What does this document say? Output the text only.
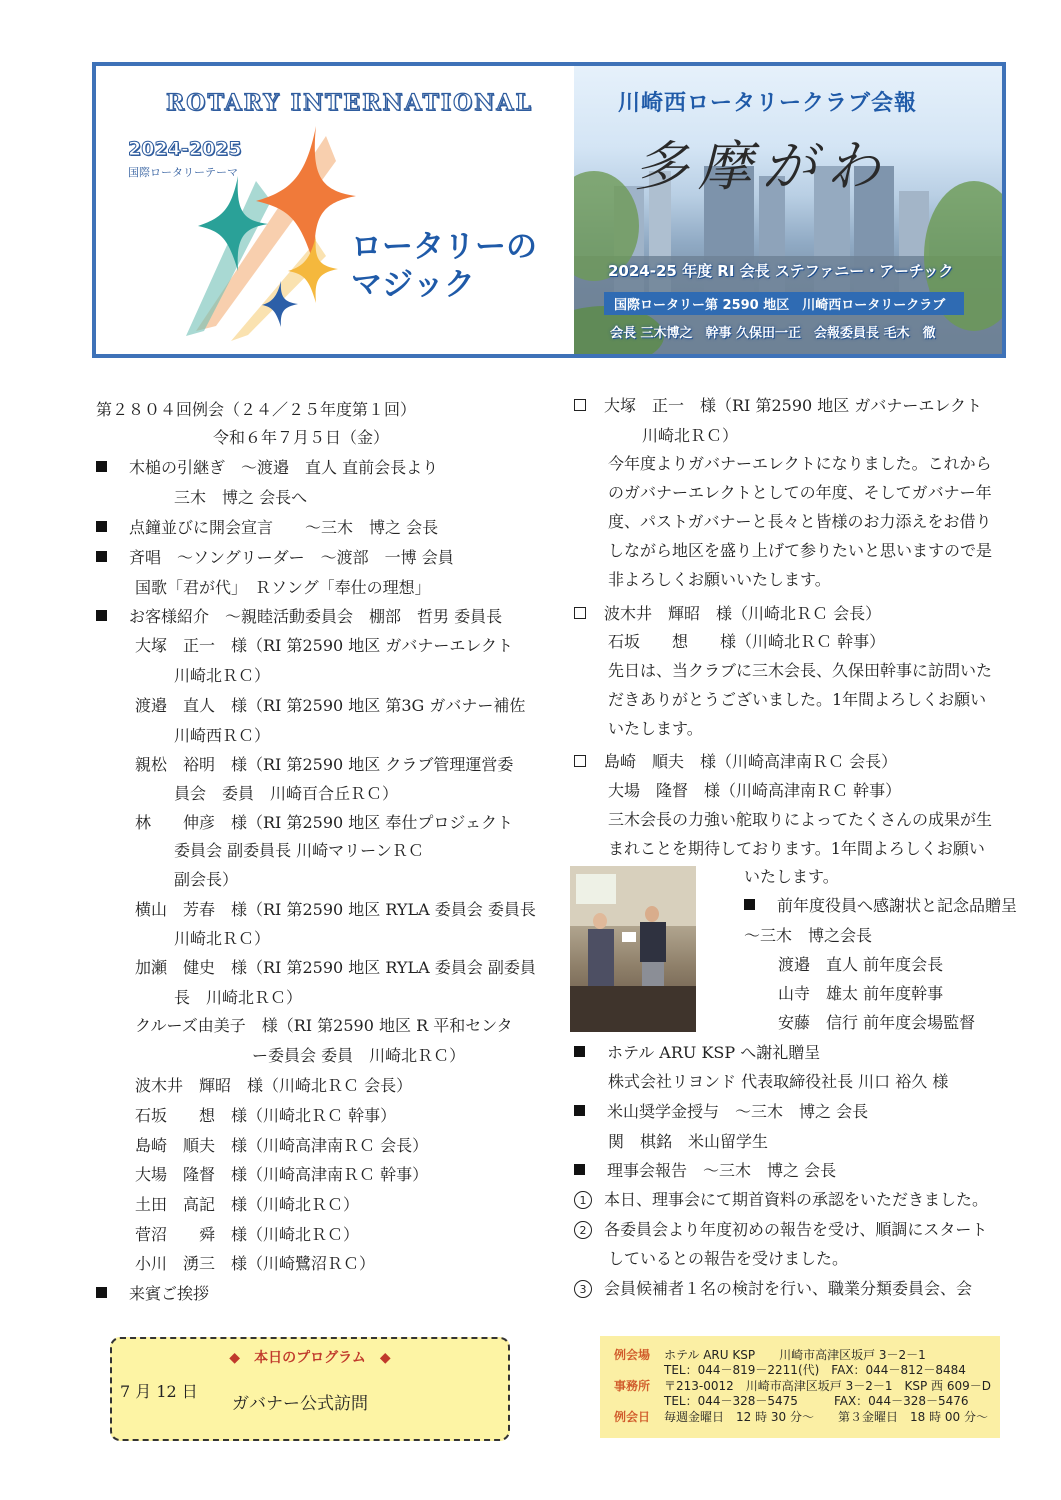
ROTARY INTERNATIONAL
2024-2025
国際ロータリーテーマ
ロータリーの
マジック
川崎西ロータリークラブ会報
多摩がわ
2024-25 年度 RI 会長 ステファニー・アーチック
国際ロータリー第 2590 地区　川崎西ロータリークラブ
会長 三木博之　幹事 久保田一正　会報委員長 毛木　徹
第２８０４回例会（２４／２５年度第１回）
令和６年７月５日（金）
木槌の引継ぎ　～渡邉　直人 直前会長より
三木　博之 会長へ
点鐘並びに開会宣言　　～三木　博之 会長
斉唱　～ソングリーダー　～渡部　一博 会員
国歌「君が代」　Ｒソング「奉仕の理想」
お客様紹介　～親睦活動委員会　棚部　哲男 委員長
大塚　正一　様（RI 第2590 地区 ガバナーエレクト
川崎北ＲＣ）
渡邉　直人　様（RI 第2590 地区 第3G ガバナー補佐
川崎西ＲＣ）
親松　裕明　様（RI 第2590 地区 クラブ管理運営委
員会　委員　川崎百合丘ＲＣ）
林　　伸彦　様（RI 第2590 地区 奉仕プロジェクト
委員会 副委員長 川崎マリーンＲＣ
副会長）
横山　芳春　様（RI 第2590 地区 RYLA 委員会 委員長
川崎北ＲＣ）
加瀬　健史　様（RI 第2590 地区 RYLA 委員会 副委員
長　川崎北ＲＣ）
クルーズ由美子　様（RI 第2590 地区 R 平和センタ
ー委員会 委員　川崎北ＲＣ）
波木井　輝昭　様（川崎北ＲＣ 会長）
石坂　　想　様（川崎北ＲＣ 幹事）
島崎　順夫　様（川崎高津南ＲＣ 会長）
大場　隆督　様（川崎高津南ＲＣ 幹事）
土田　高記　様（川崎北ＲＣ）
菅沼　　舜　様（川崎北ＲＣ）
小川　湧三　様（川崎鷺沼ＲＣ）
来賓ご挨拶
大塚　正一　様（RI 第2590 地区 ガバナーエレクト
川崎北ＲＣ）
今年度よりガバナーエレクトになりました。これから
のガバナーエレクトとしての年度、そしてガバナー年
度、パストガバナーと長々と皆様のお力添えをお借り
しながら地区を盛り上げて参りたいと思いますので是
非よろしくお願いいたします。
波木井　輝昭　様（川崎北ＲＣ 会長）
石坂　　想　　様（川崎北ＲＣ 幹事）
先日は、当クラブに三木会長、久保田幹事に訪問いた
だきありがとうございました。1年間よろしくお願い
いたします。
島崎　順夫　様（川崎高津南ＲＣ 会長）
大場　隆督　様（川崎高津南ＲＣ 幹事）
三木会長の力強い舵取りによってたくさんの成果が生
まれことを期待しております。1年間よろしくお願い
いたします。
前年度役員へ感謝状と記念品贈呈
～三木　博之会長
渡邉　直人 前年度会長
山寺　雄太 前年度幹事
安藤　信行 前年度会場監督
ホテル ARU KSP へ謝礼贈呈
株式会社リヨンド 代表取締役社長 川口 裕久 様
米山奨学金授与　～三木　博之 会長
関　棋銘　米山留学生
理事会報告　～三木　博之 会長
1 本日、理事会にて期首資料の承認をいただきました。
2 各委員会より年度初めの報告を受け、順調にスタート
しているとの報告を受けました。
3 会員候補者１名の検討を行い、職業分類委員会、会
◆　本日のプログラム　◆
7 月 12 日
ガバナー公式訪問
例会場 ホテル ARU KSP　　川崎市高津区坂戸 3－2－1
TEL：044－819－2211(代)　FAX：044－812－8484
事務所 〒213-0012　川崎市高津区坂戸 3－2－1　KSP 西 609－D
TEL：044－328－5475　　　FAX：044－328－5476
例会日 毎週金曜日　12 時 30 分～　　第３金曜日　18 時 00 分～
